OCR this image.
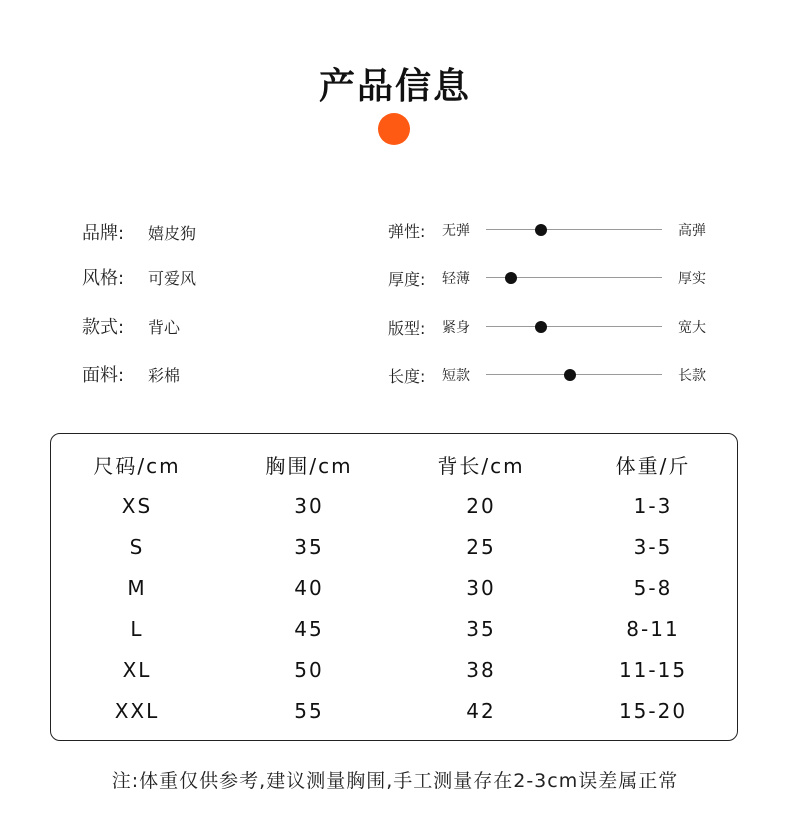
产品信息
品牌:	嬉皮狗
风格:	可爱风
款式:	背心
面料:	彩棉
弹性: 无弹	高弹
厚度: 轻薄	厚实
版型: 紧身	宽大
长度: 短款	长款
尺码/cm	胸围/cm	背长/cm	体重/斤
XS	30	20	1-3
S	35	25	3-5
M	40	30	5-8
L	45	35	8-11
XL	50	38	11-15
XXL	55	42	15-20
注:体重仅供参考,建议测量胸围,手工测量存在2-3cm误差属正常
